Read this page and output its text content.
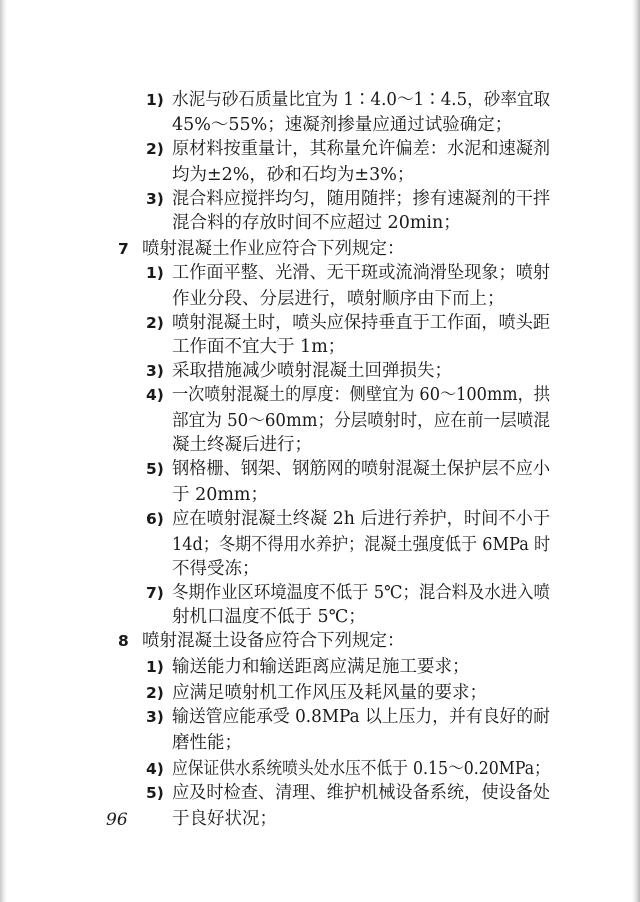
1) 水泥与砂石质量比宜为 1∶4.0～1∶4.5，砂率宜取
45%～55%；速凝剂掺量应通过试验确定；
2) 原材料按重量计，其称量允许偏差：水泥和速凝剂
均为±2%，砂和石均为±3%；
3) 混合料应搅拌均匀，随用随拌；掺有速凝剂的干拌
混合料的存放时间不应超过 20min；
7 喷射混凝土作业应符合下列规定：
1) 工作面平整、光滑、无干斑或流淌滑坠现象；喷射
作业分段、分层进行，喷射顺序由下而上；
2) 喷射混凝土时，喷头应保持垂直于工作面，喷头距
工作面不宜大于 1m；
3) 采取措施减少喷射混凝土回弹损失；
4) 一次喷射混凝土的厚度：侧壁宜为 60～100mm，拱
部宜为 50～60mm；分层喷射时，应在前一层喷混
凝土终凝后进行；
5) 钢格栅、钢架、钢筋网的喷射混凝土保护层不应小
于 20mm；
6) 应在喷射混凝土终凝 2h 后进行养护，时间不小于
14d；冬期不得用水养护；混凝土强度低于 6MPa 时
不得受冻；
7) 冬期作业区环境温度不低于 5℃；混合料及水进入喷
射机口温度不低于 5℃；
8 喷射混凝土设备应符合下列规定：
1) 输送能力和输送距离应满足施工要求；
2) 应满足喷射机工作风压及耗风量的要求；
3) 输送管应能承受 0.8MPa 以上压力，并有良好的耐
磨性能；
4) 应保证供水系统喷头处水压不低于 0.15～0.20MPa；
5) 应及时检查、清理、维护机械设备系统，使设备处
于良好状况；
96
